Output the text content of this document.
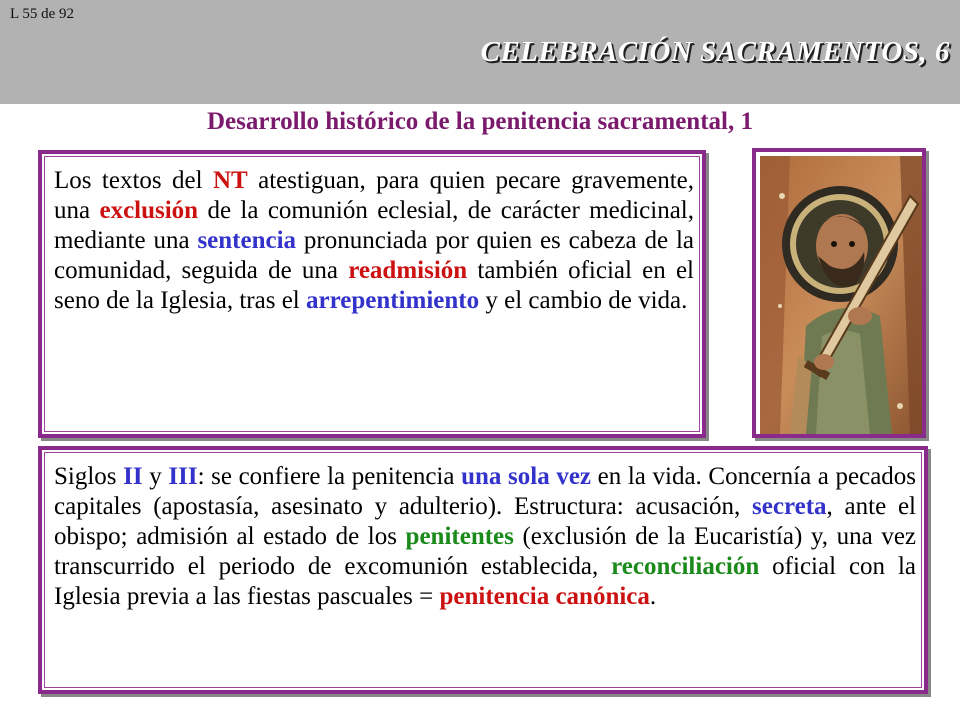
L 55 de 92
CELEBRACIÓN SACRAMENTOS, 6
Desarrollo histórico de la penitencia sacramental, 1
Los textos del NT atestiguan, para quien pecare gravemente, una exclusión de la comunión eclesial, de carácter medicinal, mediante una sentencia pronunciada por quien es cabeza de la comunidad, seguida de una readmisión también oficial en el seno de la Iglesia, tras el arrepentimiento y el cambio de vida.
Siglos II y III: se confiere la penitencia una sola vez en la vida. Concernía a pecados capitales (apostasía, asesinato y adulterio). Estructura: acusación, secreta, ante el obispo; admisión al estado de los penitentes (exclusión de la Eucaristía) y, una vez transcurrido el periodo de excomunión establecida, reconciliación oficial con la Iglesia previa a las fiestas pascuales = penitencia canónica.
